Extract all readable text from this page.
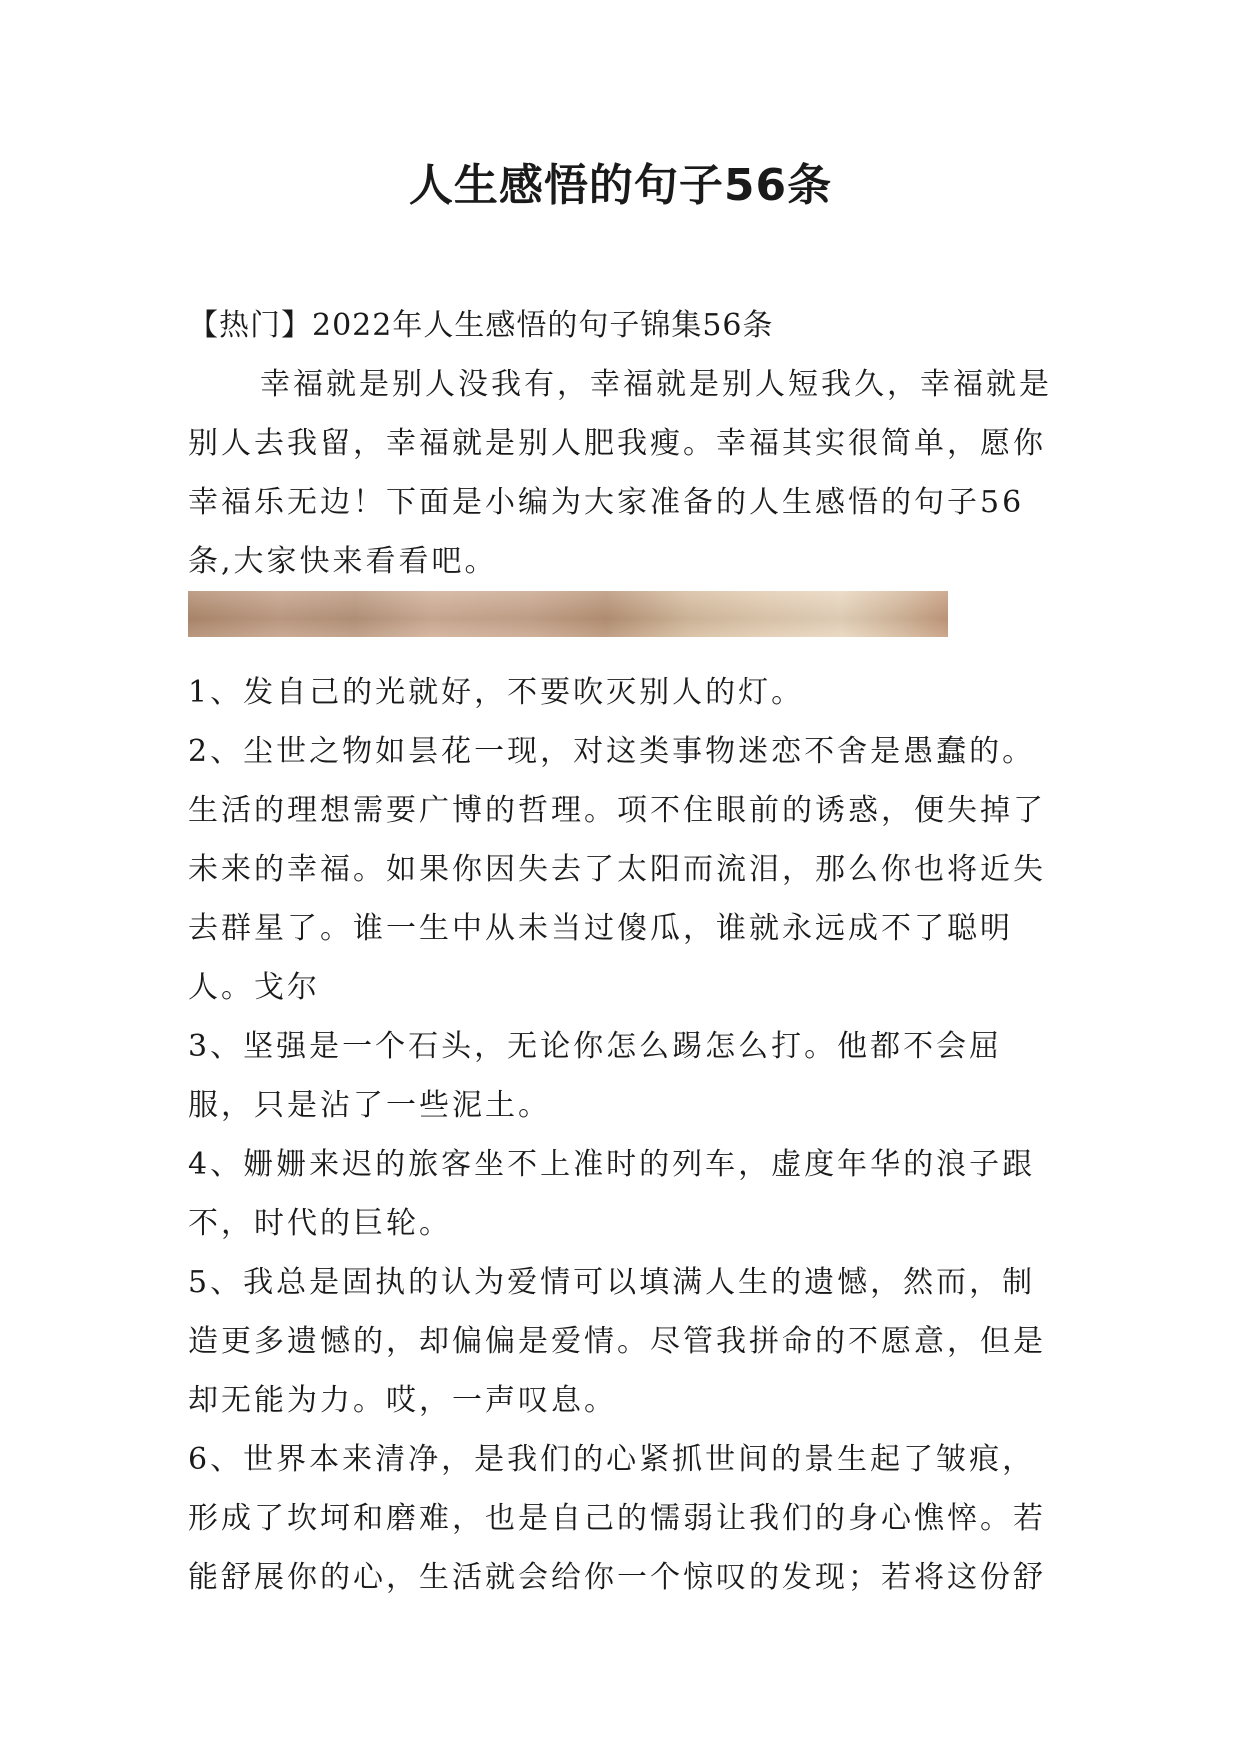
人生感悟的句子56条

【热门】2022年人生感悟的句子锦集56条

幸福就是别人没我有，幸福就是别人短我久，幸福就是别人去我留，幸福就是别人肥我瘦。幸福其实很简单，愿你幸福乐无边！下面是小编为大家准备的人生感悟的句子56条,大家快来看看吧。

1、发自己的光就好，不要吹灭别人的灯。

2、尘世之物如昙花一现，对这类事物迷恋不舍是愚蠢的。生活的理想需要广博的哲理。项不住眼前的诱惑，便失掉了未来的幸福。如果你因失去了太阳而流泪，那么你也将近失去群星了。谁一生中从未当过傻瓜，谁就永远成不了聪明人。戈尔

3、坚强是一个石头，无论你怎么踢怎么打。他都不会屈服，只是沾了一些泥土。

4、姗姗来迟的旅客坐不上准时的列车，虚度年华的浪子跟不，时代的巨轮。

5、我总是固执的认为爱情可以填满人生的遗憾，然而，制造更多遗憾的，却偏偏是爱情。尽管我拼命的不愿意，但是却无能为力。哎，一声叹息。

6、世界本来清净，是我们的心紧抓世间的景生起了皱痕，形成了坎坷和磨难，也是自己的懦弱让我们的身心憔悴。若能舒展你的心，生活就会给你一个惊叹的发现；若将这份舒
